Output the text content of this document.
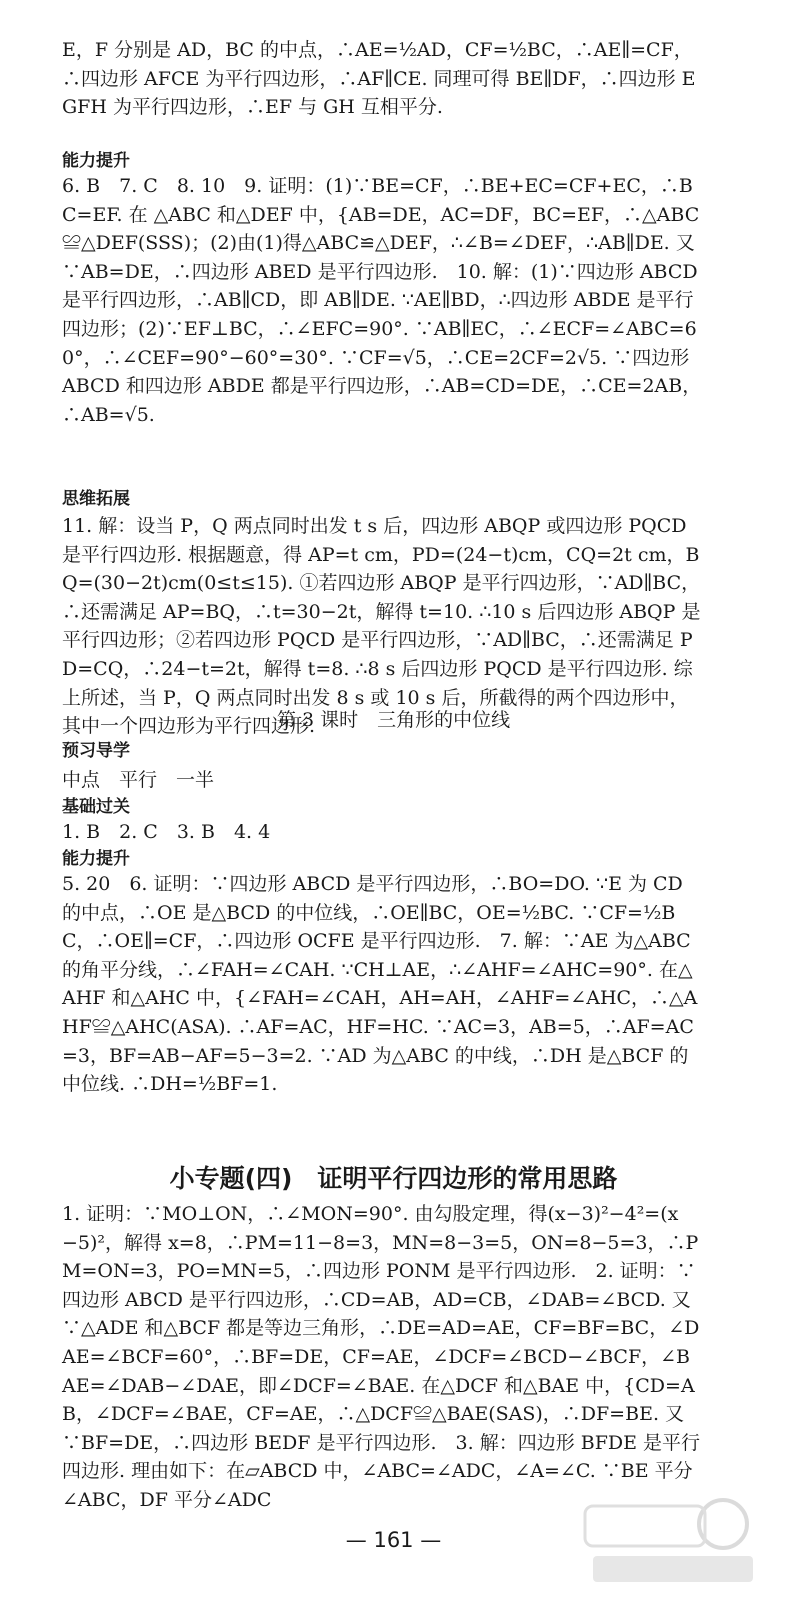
E，F 分别是 AD，BC 的中点，∴AE=½AD，CF=½BC，∴AE∥=CF，∴四边形 AFCE 为平行四边形，∴AF∥CE. 同理可得 BE∥DF，∴四边形 EGFH 为平行四边形，∴EF 与 GH 互相平分.

能力提升

6. B　7. C　8. 10　9. 证明：(1)∵BE=CF，∴BE+EC=CF+EC，∴BC=EF. 在 △ABC 和△DEF 中，{AB=DE，AC=DF，BC=EF，∴△ABC≌△DEF(SSS)；(2)由(1)得△ABC≌△DEF，∴∠B=∠DEF，∴AB∥DE. 又∵AB=DE，∴四边形 ABED 是平行四边形.　10. 解：(1)∵四边形 ABCD 是平行四边形，∴AB∥CD，即 AB∥DE. ∵AE∥BD，∴四边形 ABDE 是平行四边形；(2)∵EF⊥BC，∴∠EFC=90°. ∵AB∥EC，∴∠ECF=∠ABC=60°，∴∠CEF=90°−60°=30°. ∵CF=√5，∴CE=2CF=2√5. ∵四边形 ABCD 和四边形 ABDE 都是平行四边形，∴AB=CD=DE，∴CE=2AB，∴AB=√5.

思维拓展

11. 解：设当 P，Q 两点同时出发 t s 后，四边形 ABQP 或四边形 PQCD 是平行四边形. 根据题意，得 AP=t cm，PD=(24−t)cm，CQ=2t cm，BQ=(30−2t)cm(0≤t≤15). ①若四边形 ABQP 是平行四边形，∵AD∥BC，∴还需满足 AP=BQ，∴t=30−2t，解得 t=10. ∴10 s 后四边形 ABQP 是平行四边形；②若四边形 PQCD 是平行四边形，∵AD∥BC，∴还需满足 PD=CQ，∴24−t=2t，解得 t=8. ∴8 s 后四边形 PQCD 是平行四边形. 综上所述，当 P，Q 两点同时出发 8 s 或 10 s 后，所截得的两个四边形中，其中一个四边形为平行四边形.

第 3 课时　三角形的中位线

预习导学

中点　平行　一半

基础过关

1. B　2. C　3. B　4. 4

能力提升

5. 20　6. 证明：∵四边形 ABCD 是平行四边形，∴BO=DO. ∵E 为 CD 的中点，∴OE 是△BCD 的中位线，∴OE∥BC，OE=½BC. ∵CF=½BC，∴OE∥=CF，∴四边形 OCFE 是平行四边形.　7. 解：∵AE 为△ABC 的角平分线，∴∠FAH=∠CAH. ∵CH⊥AE，∴∠AHF=∠AHC=90°. 在△AHF 和△AHC 中，{∠FAH=∠CAH，AH=AH，∠AHF=∠AHC，∴△AHF≌△AHC(ASA). ∴AF=AC，HF=HC. ∵AC=3，AB=5，∴AF=AC=3，BF=AB−AF=5−3=2. ∵AD 为△ABC 的中线，∴DH 是△BCF 的中位线. ∴DH=½BF=1.

小专题(四)　证明平行四边形的常用思路

1. 证明：∵MO⊥ON，∴∠MON=90°. 由勾股定理，得(x−3)²−4²=(x−5)²，解得 x=8，∴PM=11−8=3，MN=8−3=5，ON=8−5=3，∴PM=ON=3，PO=MN=5，∴四边形 PONM 是平行四边形.　2. 证明：∵四边形 ABCD 是平行四边形，∴CD=AB，AD=CB，∠DAB=∠BCD. 又∵△ADE 和△BCF 都是等边三角形，∴DE=AD=AE，CF=BF=BC，∠DAE=∠BCF=60°，∴BF=DE，CF=AE，∠DCF=∠BCD−∠BCF，∠BAE=∠DAB−∠DAE，即∠DCF=∠BAE. 在△DCF 和△BAE 中，{CD=AB，∠DCF=∠BAE，CF=AE，∴△DCF≌△BAE(SAS)，∴DF=BE. 又∵BF=DE，∴四边形 BEDF 是平行四边形.　3. 解：四边形 BFDE 是平行四边形. 理由如下：在▱ABCD 中，∠ABC=∠ADC，∠A=∠C. ∵BE 平分∠ABC，DF 平分∠ADC

— 161 —
